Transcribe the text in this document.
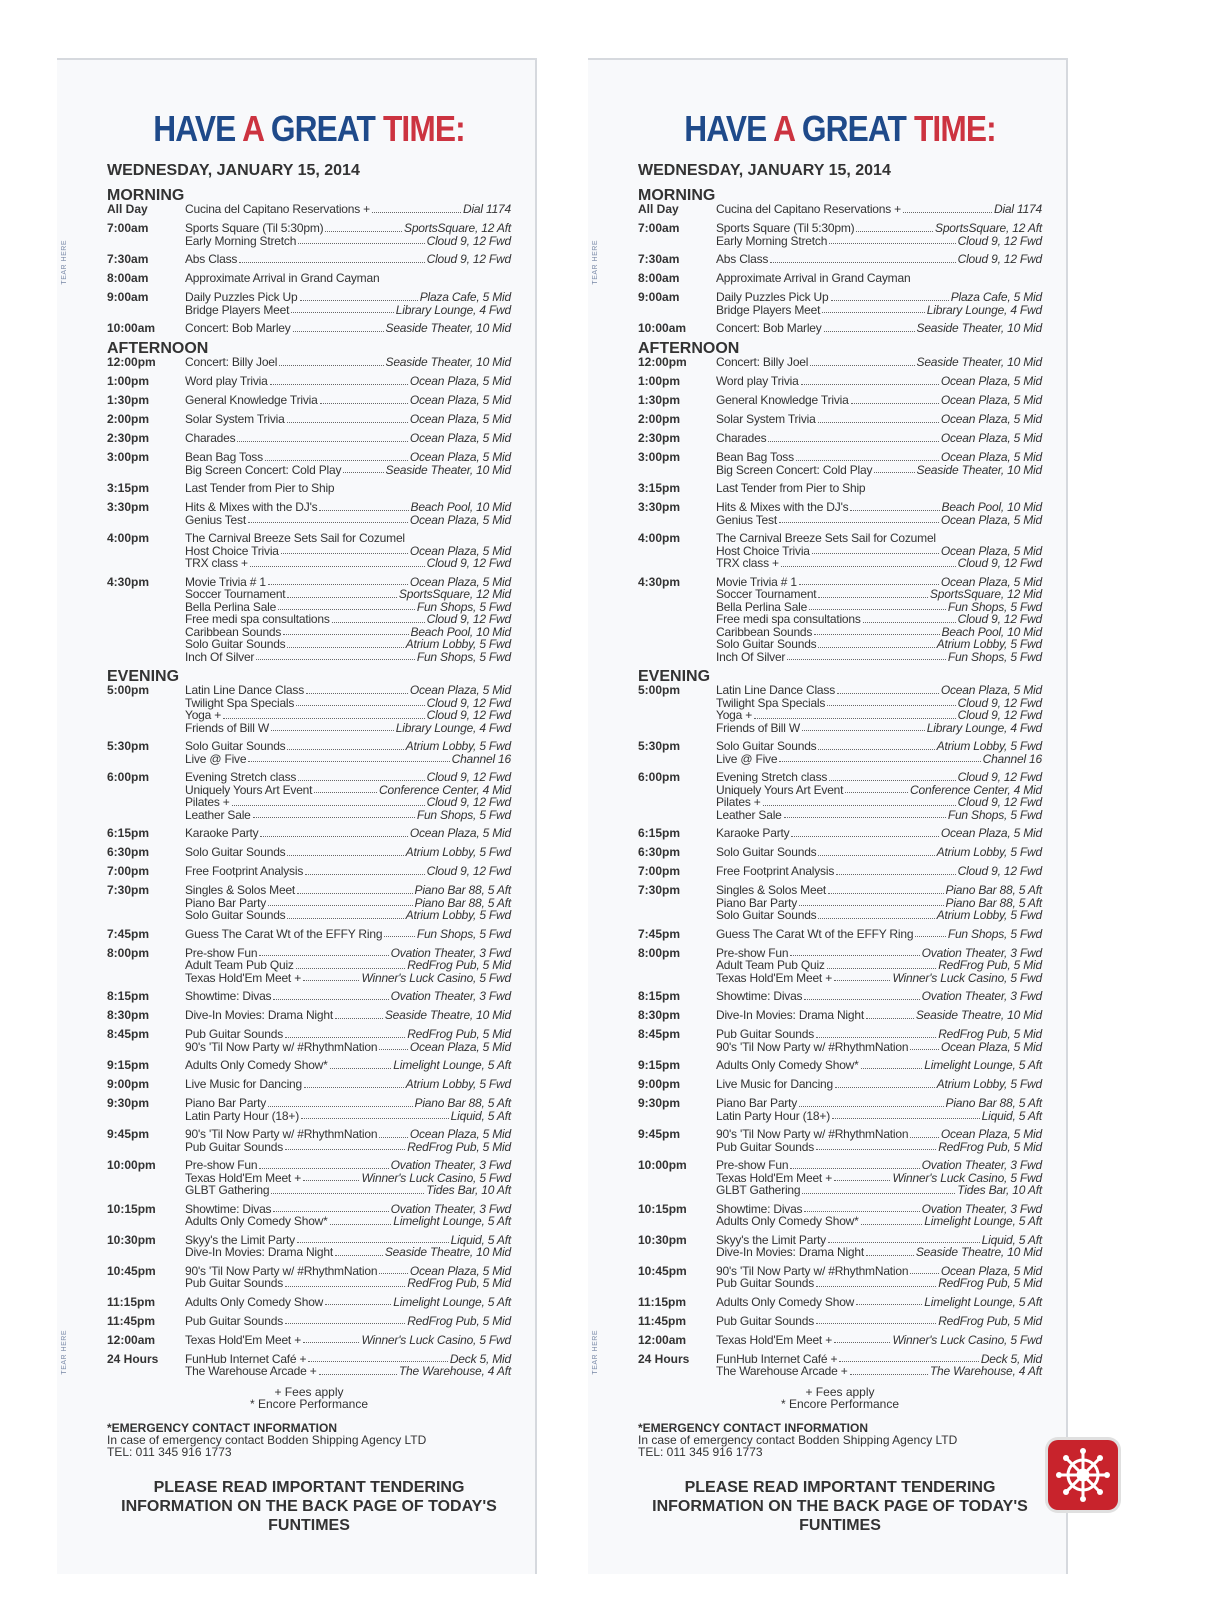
TEAR HERE
TEAR HERE
HAVE A GREAT TIME:
WEDNESDAY, JANUARY 15, 2014
MORNING
All Day	Cucina del Capitano Reservations +	Dial 1174
7:00am	Sports Square (Til 5:30pm)	SportsSquare, 12 Aft
Early Morning Stretch	Cloud 9, 12 Fwd
7:30am	Abs Class	Cloud 9, 12 Fwd
8:00am	Approximate Arrival in Grand Cayman
9:00am	Daily Puzzles Pick Up	Plaza Cafe, 5 Mid
Bridge Players Meet	Library Lounge, 4 Fwd
10:00am	Concert: Bob Marley	Seaside Theater, 10 Mid
AFTERNOON
12:00pm	Concert: Billy Joel	Seaside Theater, 10 Mid
1:00pm	Word play Trivia	Ocean Plaza, 5 Mid
1:30pm	General Knowledge Trivia	Ocean Plaza, 5 Mid
2:00pm	Solar System Trivia	Ocean Plaza, 5 Mid
2:30pm	Charades	Ocean Plaza, 5 Mid
3:00pm	Bean Bag Toss	Ocean Plaza, 5 Mid
Big Screen Concert: Cold Play	Seaside Theater, 10 Mid
3:15pm	Last Tender from Pier to Ship
3:30pm	Hits & Mixes with the DJ's	Beach Pool, 10 Mid
Genius Test	Ocean Plaza, 5 Mid
4:00pm	The Carnival Breeze Sets Sail for Cozumel
Host Choice Trivia	Ocean Plaza, 5 Mid
TRX class +	Cloud 9, 12 Fwd
4:30pm	Movie Trivia # 1	Ocean Plaza, 5 Mid
Soccer Tournament	SportsSquare, 12 Mid
Bella Perlina Sale	Fun Shops, 5 Fwd
Free medi spa consultations	Cloud 9, 12 Fwd
Caribbean Sounds	Beach Pool, 10 Mid
Solo Guitar Sounds	Atrium Lobby, 5 Fwd
Inch Of Silver	Fun Shops, 5 Fwd
EVENING
5:00pm	Latin Line Dance Class	Ocean Plaza, 5 Mid
Twilight Spa Specials	Cloud 9, 12 Fwd
Yoga +	Cloud 9, 12 Fwd
Friends of Bill W	Library Lounge, 4 Fwd
5:30pm	Solo Guitar Sounds	Atrium Lobby, 5 Fwd
Live @ Five	Channel 16
6:00pm	Evening Stretch class	Cloud 9, 12 Fwd
Uniquely Yours Art Event	Conference Center, 4 Mid
Pilates +	Cloud 9, 12 Fwd
Leather Sale	Fun Shops, 5 Fwd
6:15pm	Karaoke Party	Ocean Plaza, 5 Mid
6:30pm	Solo Guitar Sounds	Atrium Lobby, 5 Fwd
7:00pm	Free Footprint Analysis	Cloud 9, 12 Fwd
7:30pm	Singles & Solos Meet	Piano Bar 88, 5 Aft
Piano Bar Party	Piano Bar 88, 5 Aft
Solo Guitar Sounds	Atrium Lobby, 5 Fwd
7:45pm	Guess The Carat Wt of the EFFY Ring	Fun Shops, 5 Fwd
8:00pm	Pre-show Fun	Ovation Theater, 3 Fwd
Adult Team Pub Quiz	RedFrog Pub, 5 Mid
Texas Hold'Em Meet +	Winner's Luck Casino, 5 Fwd
8:15pm	Showtime: Divas	Ovation Theater, 3 Fwd
8:30pm	Dive-In Movies: Drama Night	Seaside Theatre, 10 Mid
8:45pm	Pub Guitar Sounds	RedFrog Pub, 5 Mid
90's 'Til Now Party w/ #RhythmNation	Ocean Plaza, 5 Mid
9:15pm	Adults Only Comedy Show*	Limelight Lounge, 5 Aft
9:00pm	Live Music for Dancing	Atrium Lobby, 5 Fwd
9:30pm	Piano Bar Party	Piano Bar 88, 5 Aft
Latin Party Hour (18+)	Liquid, 5 Aft
9:45pm	90's 'Til Now Party w/ #RhythmNation	Ocean Plaza, 5 Mid
Pub Guitar Sounds	RedFrog Pub, 5 Mid
10:00pm	Pre-show Fun	Ovation Theater, 3 Fwd
Texas Hold'Em Meet +	Winner's Luck Casino, 5 Fwd
GLBT Gathering	Tides Bar, 10 Aft
10:15pm	Showtime: Divas	Ovation Theater, 3 Fwd
Adults Only Comedy Show*	Limelight Lounge, 5 Aft
10:30pm	Skyy's the Limit Party	Liquid, 5 Aft
Dive-In Movies: Drama Night	Seaside Theatre, 10 Mid
10:45pm	90's 'Til Now Party w/ #RhythmNation	Ocean Plaza, 5 Mid
Pub Guitar Sounds	RedFrog Pub, 5 Mid
11:15pm	Adults Only Comedy Show	Limelight Lounge, 5 Aft
11:45pm	Pub Guitar Sounds	RedFrog Pub, 5 Mid
12:00am	Texas Hold'Em Meet +	Winner's Luck Casino, 5 Fwd
24 Hours	FunHub Internet Café +	Deck 5, Mid
The Warehouse Arcade +	The Warehouse, 4 Aft
+ Fees apply
* Encore Performance
*EMERGENCY CONTACT INFORMATION
In case of emergency contact Bodden Shipping Agency LTD
TEL: 011 345 916 1773
PLEASE READ IMPORTANT TENDERING
INFORMATION ON THE BACK PAGE OF TODAY'S
FUNTIMES
TEAR HERE
TEAR HERE
HAVE A GREAT TIME:
WEDNESDAY, JANUARY 15, 2014
MORNING
All Day	Cucina del Capitano Reservations +	Dial 1174
7:00am	Sports Square (Til 5:30pm)	SportsSquare, 12 Aft
Early Morning Stretch	Cloud 9, 12 Fwd
7:30am	Abs Class	Cloud 9, 12 Fwd
8:00am	Approximate Arrival in Grand Cayman
9:00am	Daily Puzzles Pick Up	Plaza Cafe, 5 Mid
Bridge Players Meet	Library Lounge, 4 Fwd
10:00am	Concert: Bob Marley	Seaside Theater, 10 Mid
AFTERNOON
12:00pm	Concert: Billy Joel	Seaside Theater, 10 Mid
1:00pm	Word play Trivia	Ocean Plaza, 5 Mid
1:30pm	General Knowledge Trivia	Ocean Plaza, 5 Mid
2:00pm	Solar System Trivia	Ocean Plaza, 5 Mid
2:30pm	Charades	Ocean Plaza, 5 Mid
3:00pm	Bean Bag Toss	Ocean Plaza, 5 Mid
Big Screen Concert: Cold Play	Seaside Theater, 10 Mid
3:15pm	Last Tender from Pier to Ship
3:30pm	Hits & Mixes with the DJ's	Beach Pool, 10 Mid
Genius Test	Ocean Plaza, 5 Mid
4:00pm	The Carnival Breeze Sets Sail for Cozumel
Host Choice Trivia	Ocean Plaza, 5 Mid
TRX class +	Cloud 9, 12 Fwd
4:30pm	Movie Trivia # 1	Ocean Plaza, 5 Mid
Soccer Tournament	SportsSquare, 12 Mid
Bella Perlina Sale	Fun Shops, 5 Fwd
Free medi spa consultations	Cloud 9, 12 Fwd
Caribbean Sounds	Beach Pool, 10 Mid
Solo Guitar Sounds	Atrium Lobby, 5 Fwd
Inch Of Silver	Fun Shops, 5 Fwd
EVENING
5:00pm	Latin Line Dance Class	Ocean Plaza, 5 Mid
Twilight Spa Specials	Cloud 9, 12 Fwd
Yoga +	Cloud 9, 12 Fwd
Friends of Bill W	Library Lounge, 4 Fwd
5:30pm	Solo Guitar Sounds	Atrium Lobby, 5 Fwd
Live @ Five	Channel 16
6:00pm	Evening Stretch class	Cloud 9, 12 Fwd
Uniquely Yours Art Event	Conference Center, 4 Mid
Pilates +	Cloud 9, 12 Fwd
Leather Sale	Fun Shops, 5 Fwd
6:15pm	Karaoke Party	Ocean Plaza, 5 Mid
6:30pm	Solo Guitar Sounds	Atrium Lobby, 5 Fwd
7:00pm	Free Footprint Analysis	Cloud 9, 12 Fwd
7:30pm	Singles & Solos Meet	Piano Bar 88, 5 Aft
Piano Bar Party	Piano Bar 88, 5 Aft
Solo Guitar Sounds	Atrium Lobby, 5 Fwd
7:45pm	Guess The Carat Wt of the EFFY Ring	Fun Shops, 5 Fwd
8:00pm	Pre-show Fun	Ovation Theater, 3 Fwd
Adult Team Pub Quiz	RedFrog Pub, 5 Mid
Texas Hold'Em Meet +	Winner's Luck Casino, 5 Fwd
8:15pm	Showtime: Divas	Ovation Theater, 3 Fwd
8:30pm	Dive-In Movies: Drama Night	Seaside Theatre, 10 Mid
8:45pm	Pub Guitar Sounds	RedFrog Pub, 5 Mid
90's 'Til Now Party w/ #RhythmNation	Ocean Plaza, 5 Mid
9:15pm	Adults Only Comedy Show*	Limelight Lounge, 5 Aft
9:00pm	Live Music for Dancing	Atrium Lobby, 5 Fwd
9:30pm	Piano Bar Party	Piano Bar 88, 5 Aft
Latin Party Hour (18+)	Liquid, 5 Aft
9:45pm	90's 'Til Now Party w/ #RhythmNation	Ocean Plaza, 5 Mid
Pub Guitar Sounds	RedFrog Pub, 5 Mid
10:00pm	Pre-show Fun	Ovation Theater, 3 Fwd
Texas Hold'Em Meet +	Winner's Luck Casino, 5 Fwd
GLBT Gathering	Tides Bar, 10 Aft
10:15pm	Showtime: Divas	Ovation Theater, 3 Fwd
Adults Only Comedy Show*	Limelight Lounge, 5 Aft
10:30pm	Skyy's the Limit Party	Liquid, 5 Aft
Dive-In Movies: Drama Night	Seaside Theatre, 10 Mid
10:45pm	90's 'Til Now Party w/ #RhythmNation	Ocean Plaza, 5 Mid
Pub Guitar Sounds	RedFrog Pub, 5 Mid
11:15pm	Adults Only Comedy Show	Limelight Lounge, 5 Aft
11:45pm	Pub Guitar Sounds	RedFrog Pub, 5 Mid
12:00am	Texas Hold'Em Meet +	Winner's Luck Casino, 5 Fwd
24 Hours	FunHub Internet Café +	Deck 5, Mid
The Warehouse Arcade +	The Warehouse, 4 Aft
+ Fees apply
* Encore Performance
*EMERGENCY CONTACT INFORMATION
In case of emergency contact Bodden Shipping Agency LTD
TEL: 011 345 916 1773
PLEASE READ IMPORTANT TENDERING
INFORMATION ON THE BACK PAGE OF TODAY'S
FUNTIMES
